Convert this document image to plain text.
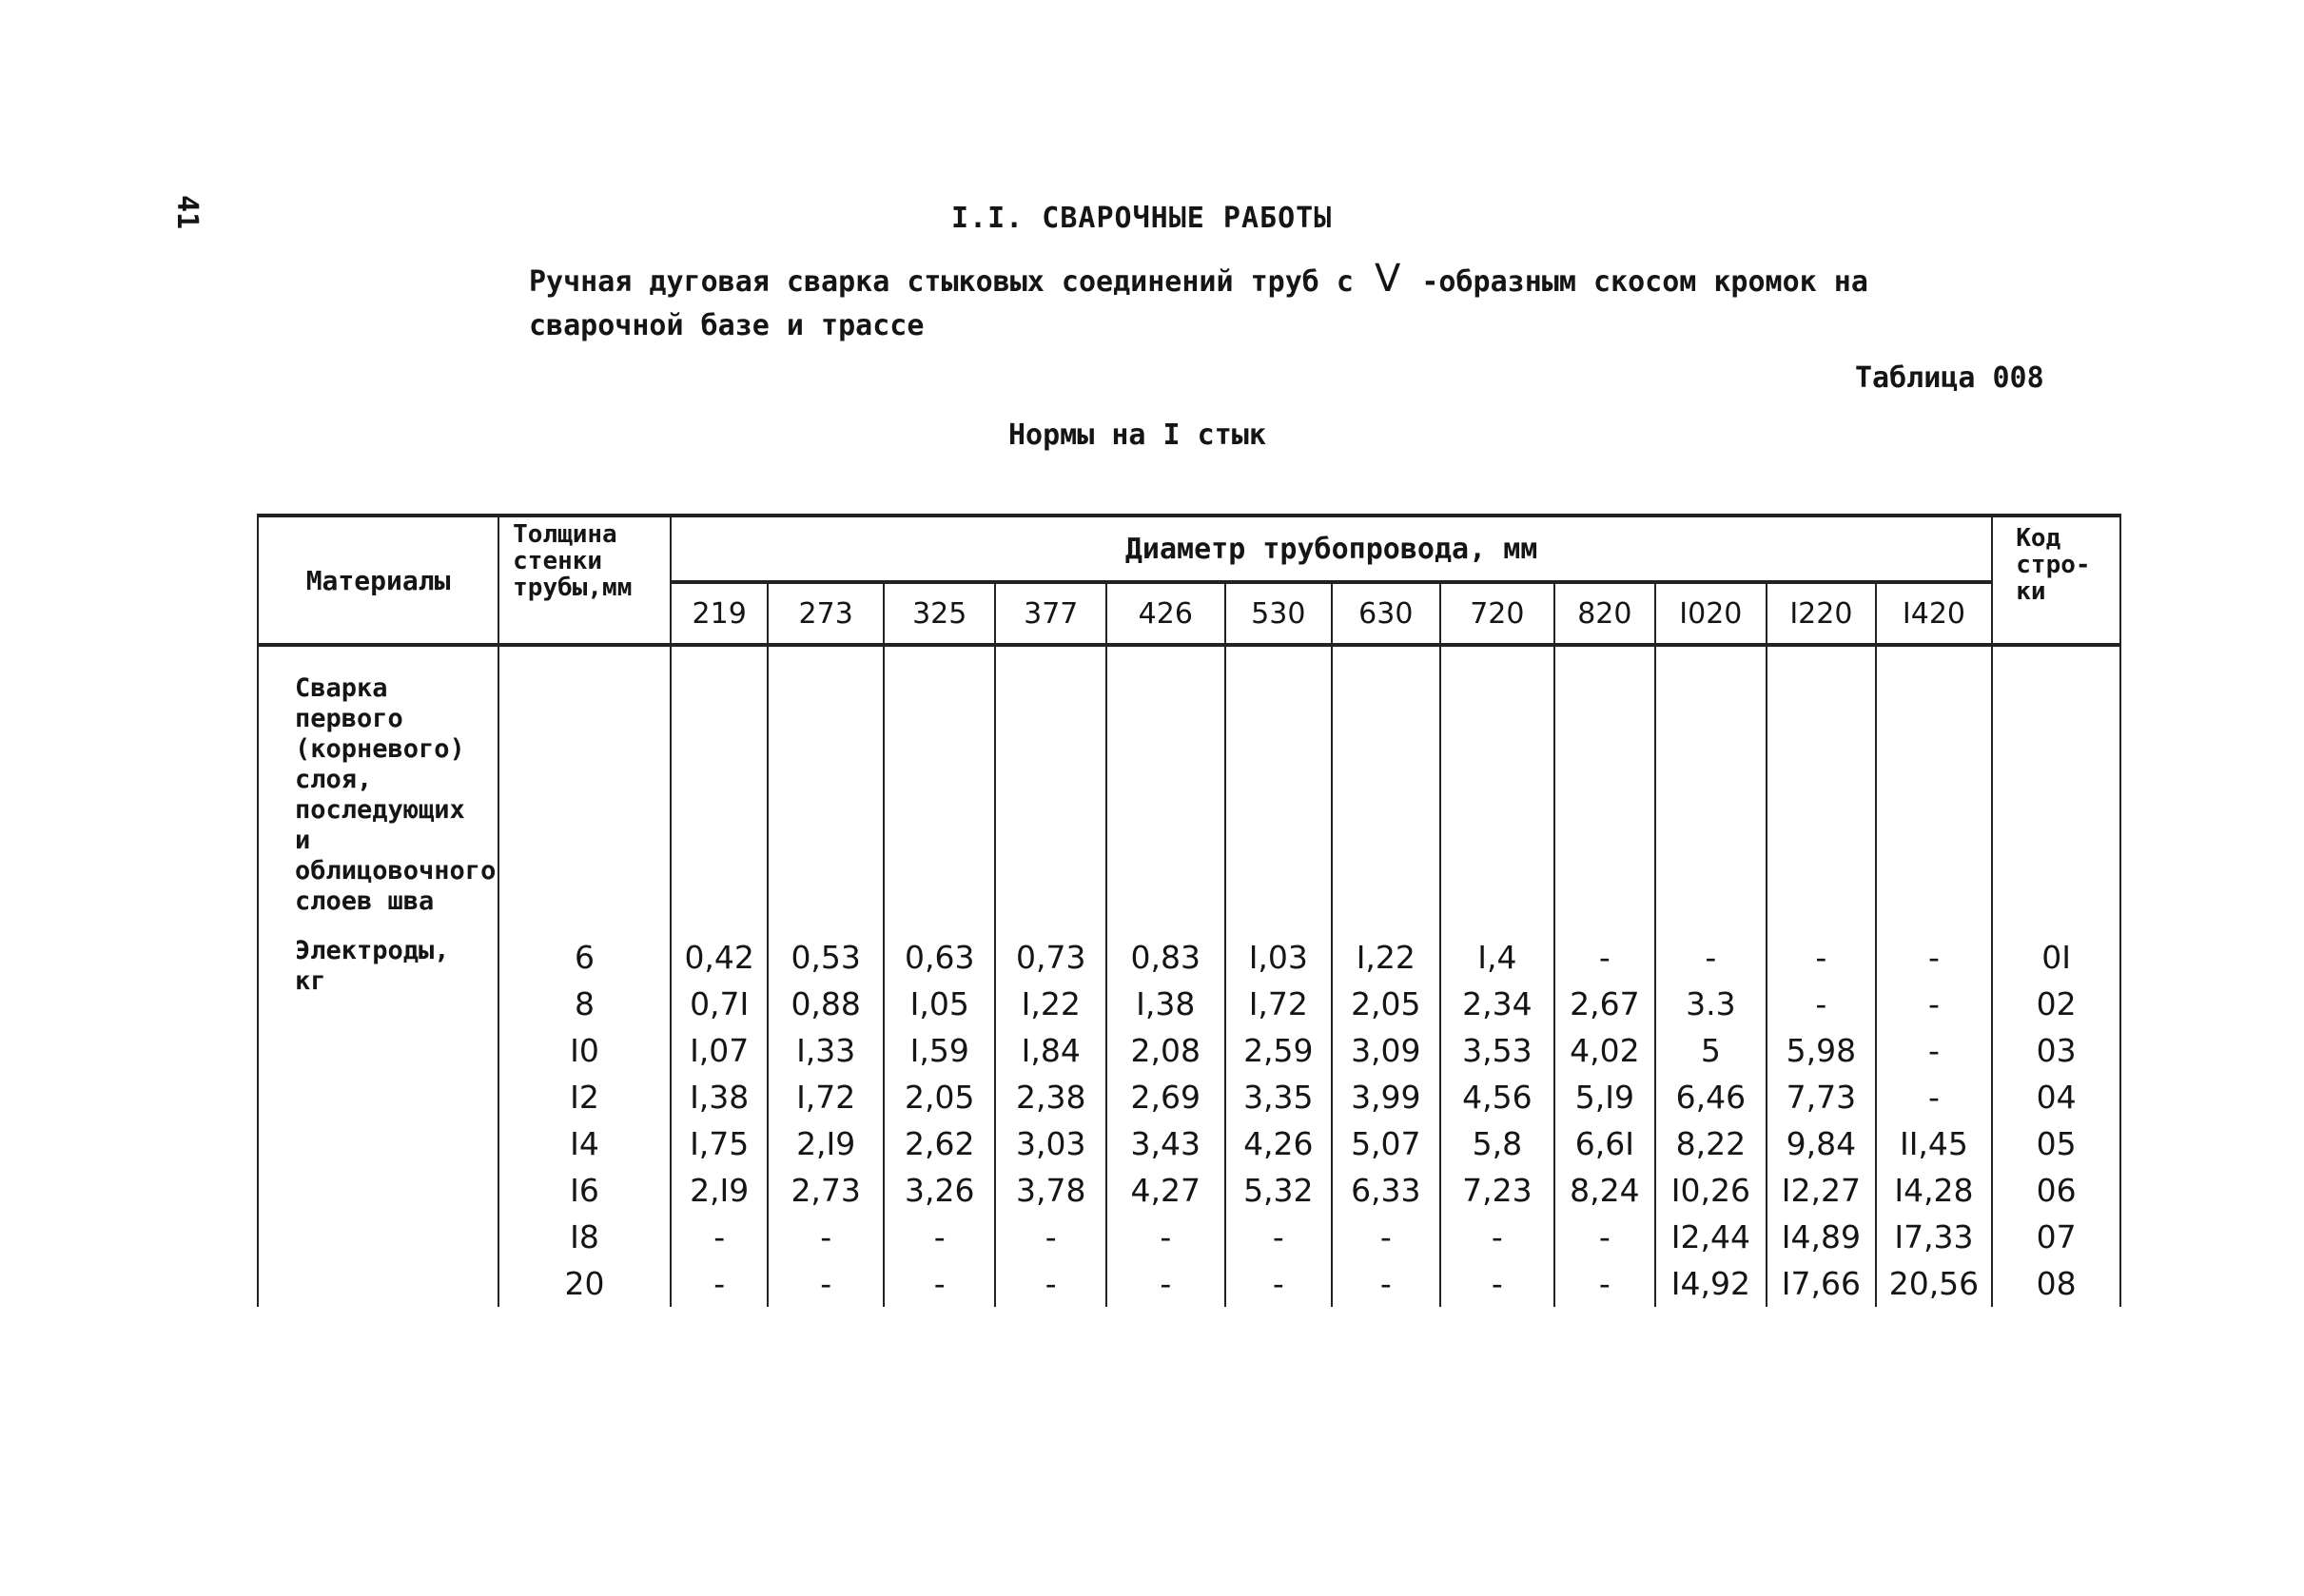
41	I.I. СВАРОЧНЫЕ РАБОТЫ
Ручная дуговая сварка стыковых соединений труб с V -образным скосом кромок на сварочной базе и трассе
Таблица 008
Нормы на I стык
Материалы	Толщина стенки трубы,мм	Диаметр трубопровода, мм												Код стро- ки
		219	273	325	377	426	530	630	720	820	I020	I220	I420	
Сварка первого (корневого) слоя, последующих и облицовочного слоев шва														
Электроды, кг	6	0,42	0,53	0,63	0,73	0,83	I,03	I,22	I,4	-	-	-	-	0I
	8	0,7I	0,88	I,05	I,22	I,38	I,72	2,05	2,34	2,67	3.3	-	-	02
	I0	I,07	I,33	I,59	I,84	2,08	2,59	3,09	3,53	4,02	5	5,98	-	03
	I2	I,38	I,72	2,05	2,38	2,69	3,35	3,99	4,56	5,I9	6,46	7,73	-	04
	I4	I,75	2,I9	2,62	3,03	3,43	4,26	5,07	5,8	6,6I	8,22	9,84	II,45	05
	I6	2,I9	2,73	3,26	3,78	4,27	5,32	6,33	7,23	8,24	I0,26	I2,27	I4,28	06
	I8	-	-	-	-	-	-	-	-	-	I2,44	I4,89	I7,33	07
	20	-	-	-	-	-	-	-	-	-	I4,92	I7,66	20,56	08
